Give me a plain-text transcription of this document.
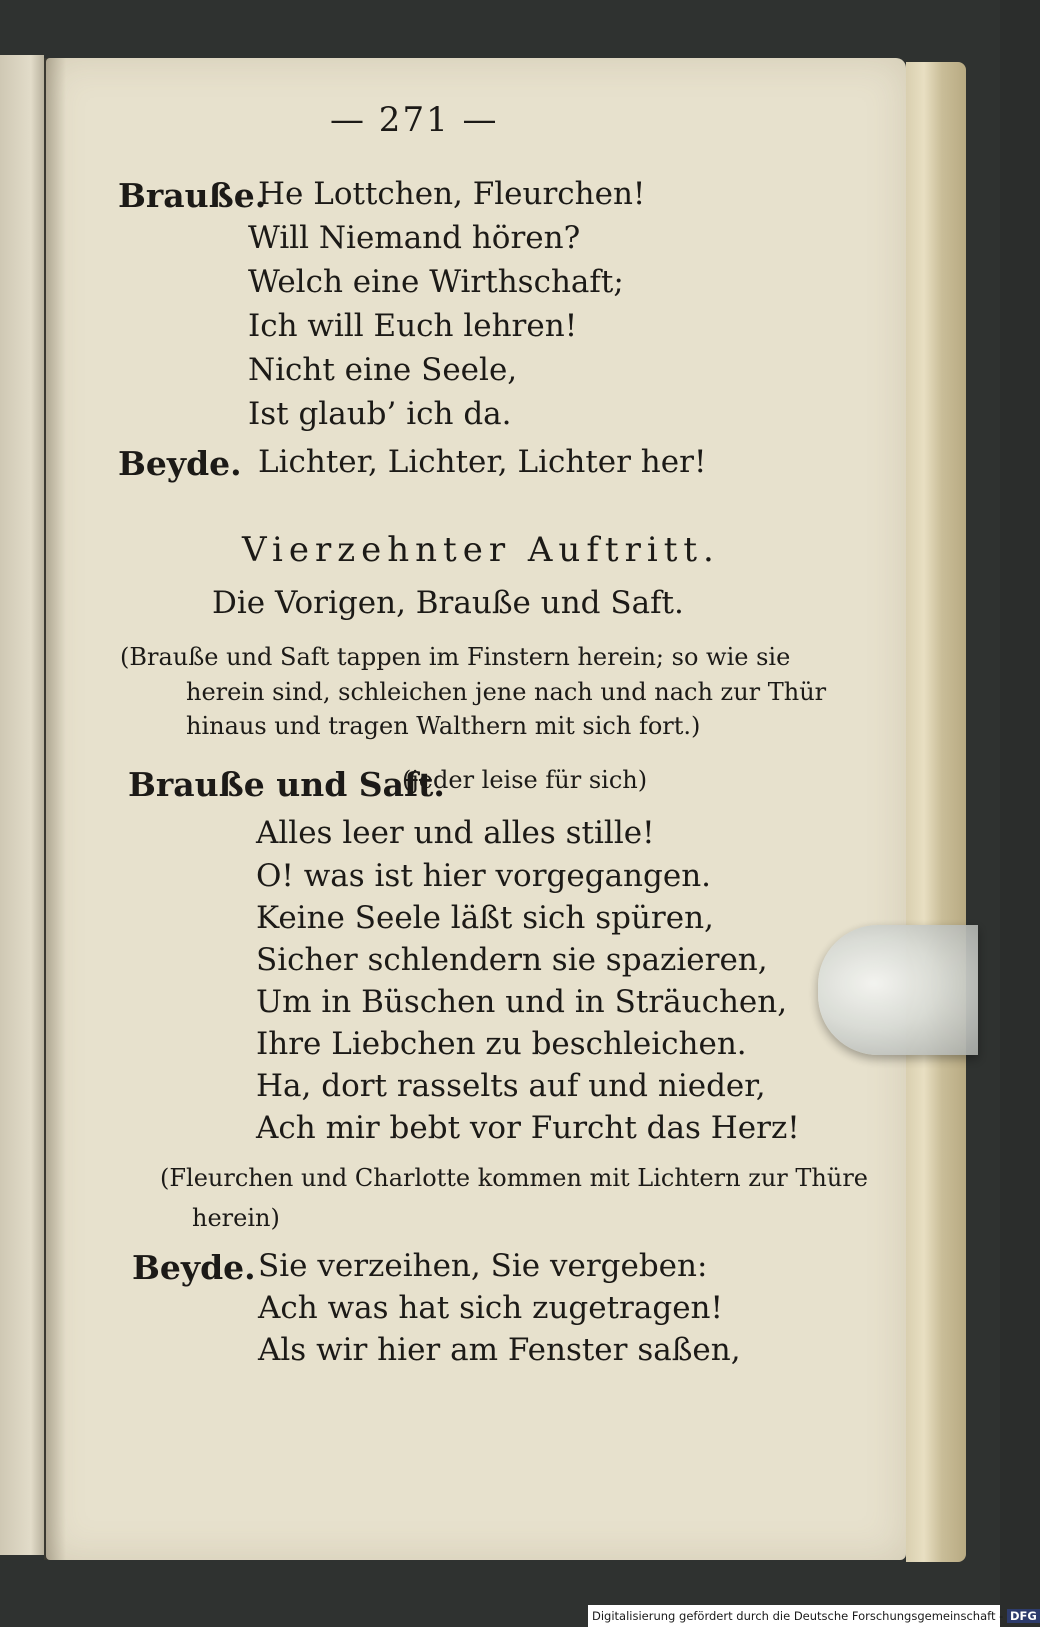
— 271 —
Braußе.
He Lottchen, Fleurchen!
Will Niemand hören?
Welch eine Wirthschaft;
Ich will Euch lehren!
Nicht eine Seele,
Ist glaub’ ich da.
Beyde. Lichter, Lichter, Lichter her!
Vierzehnter Auftritt.
Die Vorigen, Brauße und Saft.
(Brauße und Saft tappen im Finstern herein; so wie sie
herein sind, schleichen jene nach und nach zur Thür
hinaus und tragen Walthern mit sich fort.)
Brauße und Saft.
(jeder leise für sich)
Alles leer und alles stille!
O! was ist hier vorgegangen.
Keine Seele läßt sich spüren,
Sicher schlendern sie spazieren,
Um in Büschen und in Sträuchen,
Ihre Liebchen zu beschleichen.
Ha, dort rasselts auf und nieder,
Ach mir bebt vor Furcht das Herz!
(Fleurchen und Charlotte kommen mit Lichtern zur Thüre
herein)
Beyde. Sie verzeihen, Sie vergeben:
Ach was hat sich zugetragen!
Als wir hier am Fenster saßen,
Digitalisierung gefördert durch die Deutsche Forschungsgemeinschaft - DFG
